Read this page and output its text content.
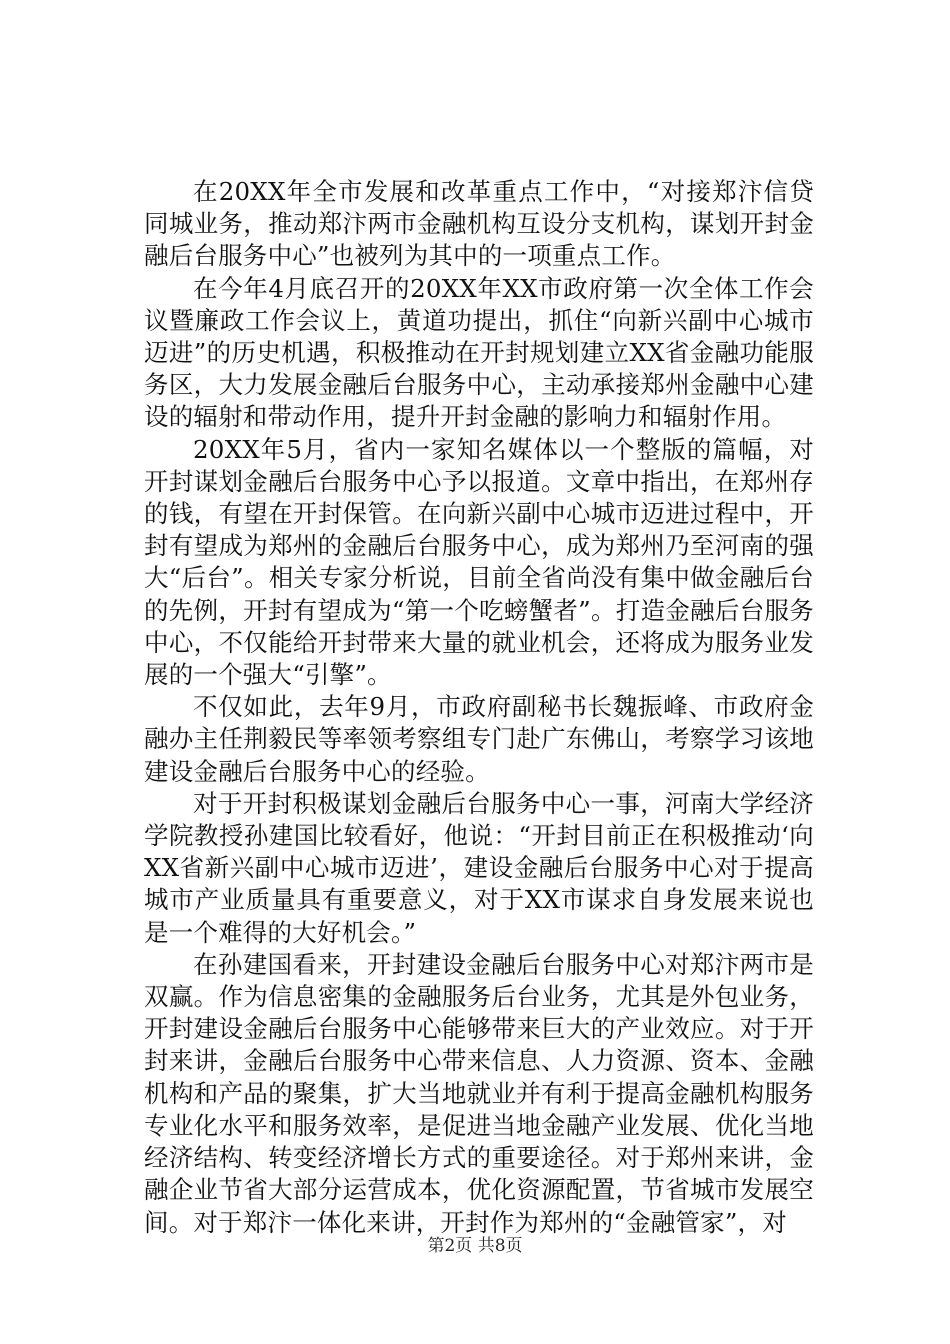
在20XX年全市发展和改革重点工作中，“对接郑汴信贷同城业务，推动郑汴两市金融机构互设分支机构，谋划开封金融后台服务中心”也被列为其中的一项重点工作。

在今年4月底召开的20XX年XX市政府第一次全体工作会议暨廉政工作会议上，黄道功提出，抓住“向新兴副中心城市迈进”的历史机遇，积极推动在开封规划建立XX省金融功能服务区，大力发展金融后台服务中心，主动承接郑州金融中心建设的辐射和带动作用，提升开封金融的影响力和辐射作用。

20XX年5月，省内一家知名媒体以一个整版的篇幅，对开封谋划金融后台服务中心予以报道。文章中指出，在郑州存的钱，有望在开封保管。在向新兴副中心城市迈进过程中，开封有望成为郑州的金融后台服务中心，成为郑州乃至河南的强大“后台”。相关专家分析说，目前全省尚没有集中做金融后台的先例，开封有望成为“第一个吃螃蟹者”。打造金融后台服务中心，不仅能给开封带来大量的就业机会，还将成为服务业发展的一个强大“引擎”。

不仅如此，去年9月，市政府副秘书长魏振峰、市政府金融办主任荆毅民等率领考察组专门赴广东佛山，考察学习该地建设金融后台服务中心的经验。

对于开封积极谋划金融后台服务中心一事，河南大学经济学院教授孙建国比较看好，他说：“开封目前正在积极推动‘向XX省新兴副中心城市迈进’，建设金融后台服务中心对于提高城市产业质量具有重要意义，对于XX市谋求自身发展来说也是一个难得的大好机会。”

在孙建国看来，开封建设金融后台服务中心对郑汴两市是双赢。作为信息密集的金融服务后台业务，尤其是外包业务，开封建设金融后台服务中心能够带来巨大的产业效应。对于开封来讲，金融后台服务中心带来信息、人力资源、资本、金融机构和产品的聚集，扩大当地就业并有利于提高金融机构服务专业化水平和服务效率，是促进当地金融产业发展、优化当地经济结构、转变经济增长方式的重要途径。对于郑州来讲，金融企业节省大部分运营成本，优化资源配置，节省城市发展空间。对于郑汴一体化来讲，开封作为郑州的“金融管家”，对

第2页 共8页
